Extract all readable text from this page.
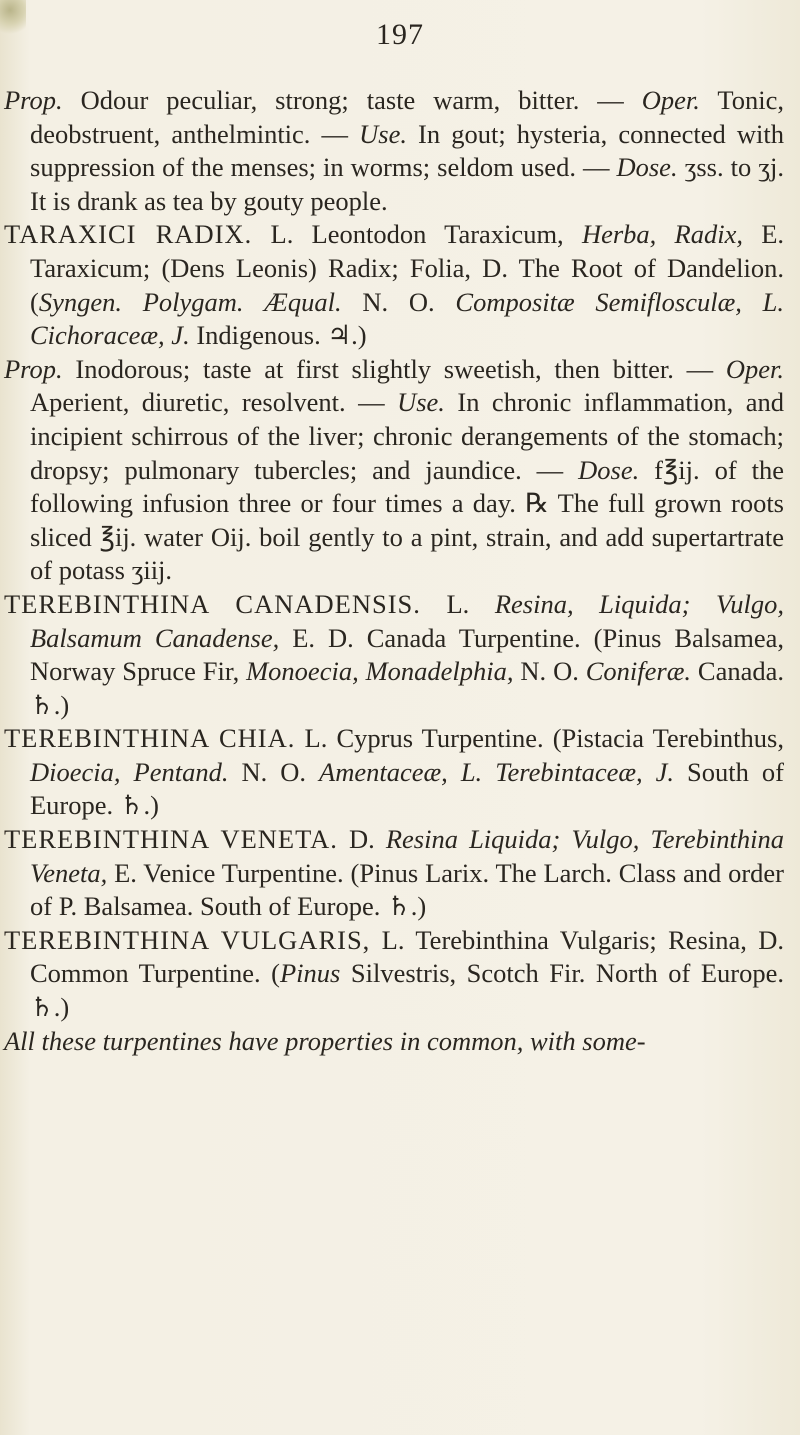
197
Prop. Odour peculiar, strong; taste warm, bitter. — Oper. Tonic, deobstruent, anthelmintic. — Use. In gout; hysteria, connected with suppression of the menses; in worms; seldom used. — Dose. ʒss. to ʒj. It is drank as tea by gouty people.
TARAXICI RADIX. L. Leontodon Taraxicum, Herba, Radix, E. Taraxicum; (Dens Leonis) Radix; Folia, D. The Root of Dandelion. (Syngen. Polygam. Æqual. N. O. Compositæ Semiflosculæ, L. Cichoraceæ, J. Indigenous. ♃.)
Prop. Inodorous; taste at first slightly sweetish, then bitter. — Oper. Aperient, diuretic, resolvent. — Use. In chronic inflammation, and incipient schirrous of the liver; chronic derangements of the stomach; dropsy; pulmonary tubercles; and jaundice. — Dose. f℥ij. of the following infusion three or four times a day. ℞ The full grown roots sliced ℥ij. water Oij. boil gently to a pint, strain, and add supertartrate of potass ʒiij.
TEREBINTHINA CANADENSIS. L. Resina, Liquida; Vulgo, Balsamum Canadense, E. D. Canada Turpentine. (Pinus Balsamea, Norway Spruce Fir, Monoecia, Monadelphia, N. O. Coniferæ. Canada. ♄.)
TEREBINTHINA CHIA. L. Cyprus Turpentine. (Pistacia Terebinthus, Dioecia, Pentand. N. O. Amentaceæ, L. Terebintaceæ, J. South of Europe. ♄.)
TEREBINTHINA VENETA. D. Resina Liquida; Vulgo, Terebinthina Veneta, E. Venice Turpentine. (Pinus Larix. The Larch. Class and order of P. Balsamea. South of Europe. ♄.)
TEREBINTHINA VULGARIS, L. Terebinthina Vulgaris; Resina, D. Common Turpentine. (Pinus Silvestris, Scotch Fir. North of Europe. ♄.)
All these turpentines have properties in common, with some-
